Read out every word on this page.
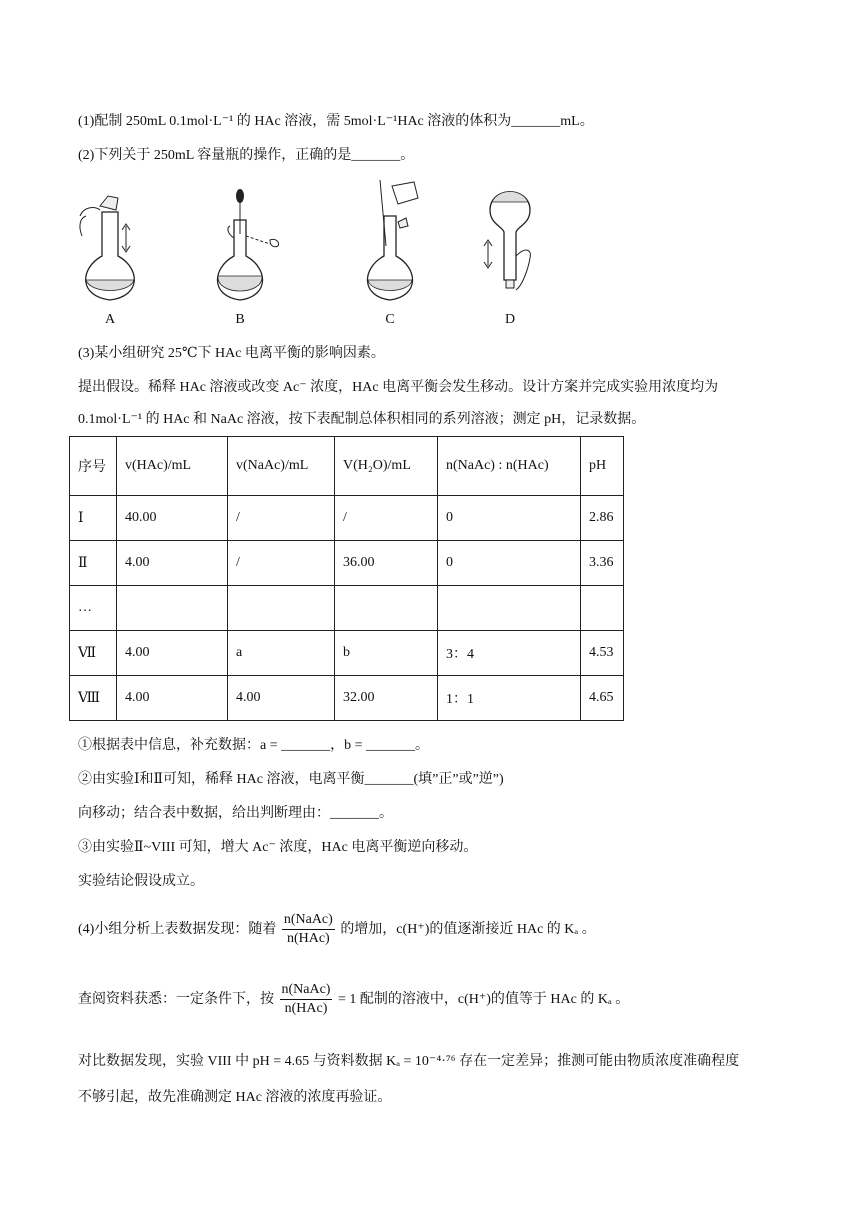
(1)配制 250mL 0.1mol·L⁻¹ 的 HAc 溶液，需 5mol·L⁻¹HAc 溶液的体积为_______mL。
(2)下列关于 250mL 容量瓶的操作，正确的是_______。
A	B	C	D
(3)某小组研究 25℃下 HAc 电离平衡的影响因素。
提出假设。稀释 HAc 溶液或改变 Ac⁻ 浓度，HAc 电离平衡会发生移动。设计方案并完成实验用浓度均为
0.1mol·L⁻¹ 的 HAc 和 NaAc 溶液，按下表配制总体积相同的系列溶液；测定 pH，记录数据。
序号	v(HAc)/mL	v(NaAc)/mL	V(H₂O)/mL	n(NaAc) : n(HAc)	pH
Ⅰ	40.00	/	/	0	2.86
Ⅱ	4.00	/	36.00	0	3.36
…					
Ⅶ	4.00	a	b	3：4	4.53
Ⅷ	4.00	4.00	32.00	1：1	4.65
①根据表中信息，补充数据：a = _______，b = _______。
②由实验Ⅰ和Ⅱ可知，稀释 HAc 溶液，电离平衡_______(填”正”或”逆”)
向移动；结合表中数据，给出判断理由：_______。
③由实验Ⅱ~VIII 可知，增大 Ac⁻ 浓度，HAc 电离平衡逆向移动。
实验结论假设成立。
(4)小组分析上表数据发现：随着 $\frac{\text{n(NaAc)}}{\text{n(HAc)}}$ 的增加，c(H⁺)的值逐渐接近 HAc 的 Kₐ 。
查阅资料获悉：一定条件下，按 $\frac{\text{n(NaAc)}}{\text{n(HAc)}} = 1$ 配制的溶液中，c(H⁺)的值等于 HAc 的 Kₐ 。
对比数据发现，实验 VIII 中 pH = 4.65 与资料数据 Kₐ = 10⁻⁴·⁷⁶ 存在一定差异；推测可能由物质浓度准确程度
不够引起，故先准确测定 HAc 溶液的浓度再验证。
